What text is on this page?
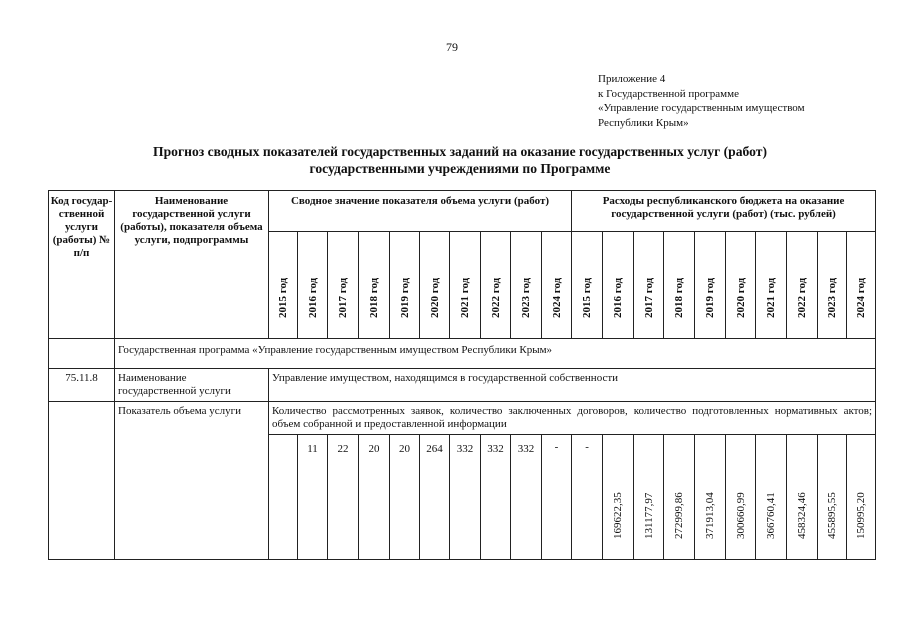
79
Приложение 4
к Государственной программе
«Управление государственным имуществом
Республики Крым»
Прогноз сводных показателей государственных заданий на оказание государственных услуг (работ)
государственными учреждениями по Программе
Код государ-ственной услуги (работы) № п/п	Наименование государственной услуги (работы), показателя объема услуги, подпрограммы	Сводное значение показателя объема услуги (работ)										Расходы республиканского бюджета на оказание государственной услуги (работ) (тыс. рублей)									

		2015 год	2016 год	2017 год	2018 год	2019 год	2020 год	2021 год	2022 год	2023 год	2024 год	2015 год	2016 год	2017 год	2018 год	2019 год	2020 год	2021 год	2022 год	2023 год	2024 год

	Государственная программа «Управление государственным имуществом Республики Крым»																				
75.11.8	Наименование государственной услуги	Управление имуществом, находящимся в государственной собственности																			
	Показатель объема услуги	Количество рассмотренных заявок, количество заключенных договоров, количество подготовленных нормативных актов; объем собранной и предоставленной информации																			
			11	22	20	20	264	332	332	332	-	-	169622,35	131177,97	272999,86	371913,04	300660,99	366760,41	458324,46	455895,55	150995,20
